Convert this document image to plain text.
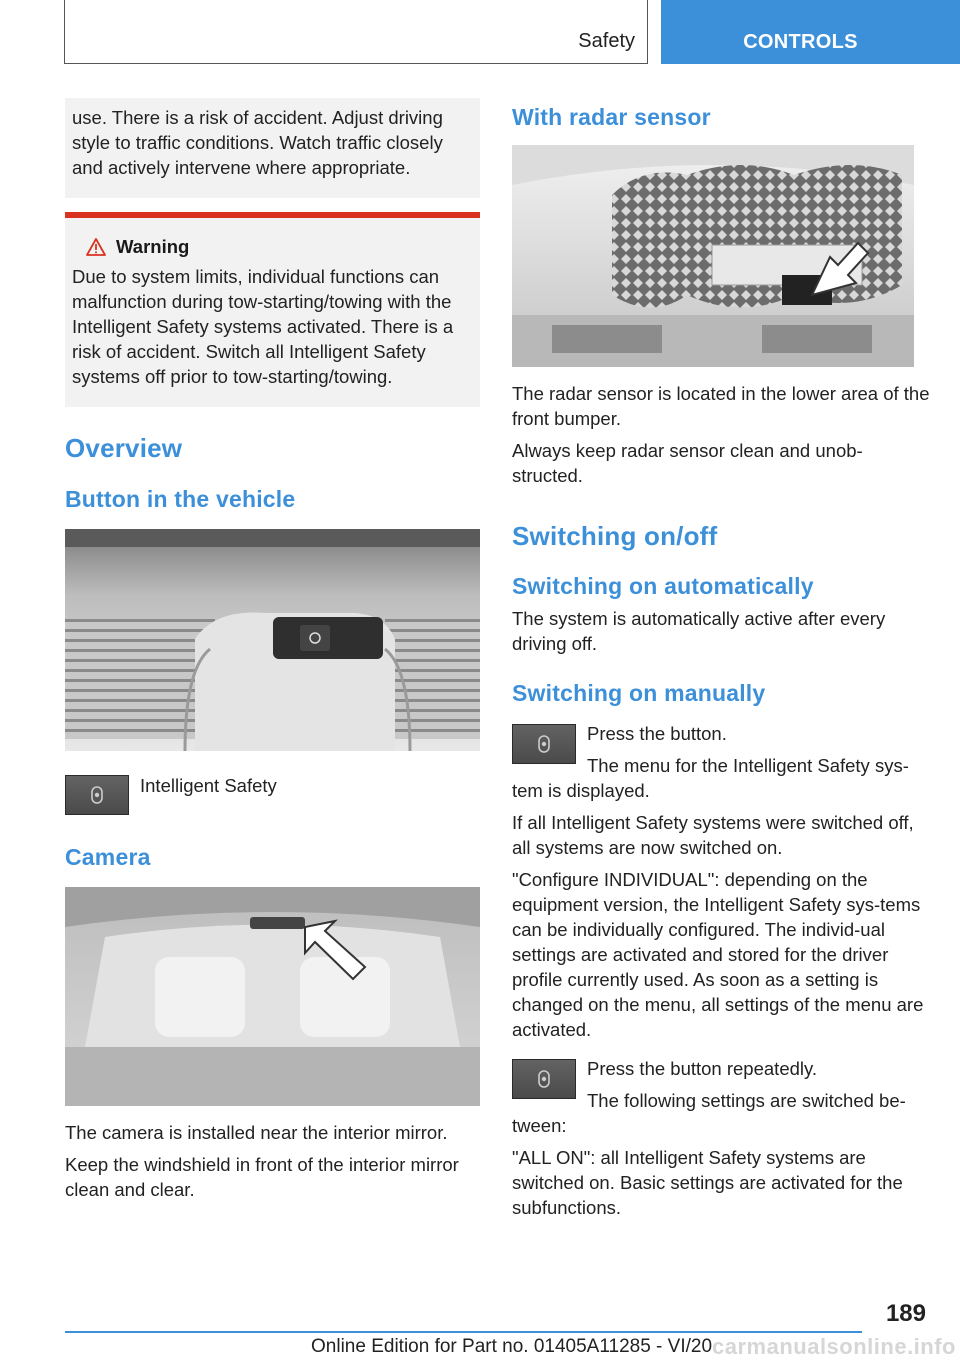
Safety	CONTROLS

use. There is a risk of accident. Adjust driving style to traffic conditions. Watch traffic closely and actively intervene where appropriate.

Warning

Due to system limits, individual functions can malfunction during tow-starting/towing with the Intelligent Safety systems activated. There is a risk of accident. Switch all Intelligent Safety systems off prior to tow-starting/towing.

Overview
Button in the vehicle

Intelligent Safety

Camera

The camera is installed near the interior mirror.

Keep the windshield in front of the interior mirror clean and clear.

With radar sensor

The radar sensor is located in the lower area of the front bumper.

Always keep radar sensor clean and unob-structed.

Switching on/off
Switching on automatically

The system is automatically active after every driving off.

Switching on manually

Press the button.

The menu for the Intelligent Safety sys-

tem is displayed.

If all Intelligent Safety systems were switched off, all systems are now switched on.

"Configure INDIVIDUAL": depending on the equipment version, the Intelligent Safety sys-tems can be individually configured. The individ-ual settings are activated and stored for the driver profile currently used. As soon as a setting is changed on the menu, all settings of the menu are activated.

Press the button repeatedly.

The following settings are switched be-

tween:

"ALL ON": all Intelligent Safety systems are switched on. Basic settings are activated for the subfunctions.

189
Online Edition for Part no. 01405A11285 - VI/20 carmanualsonline.info
